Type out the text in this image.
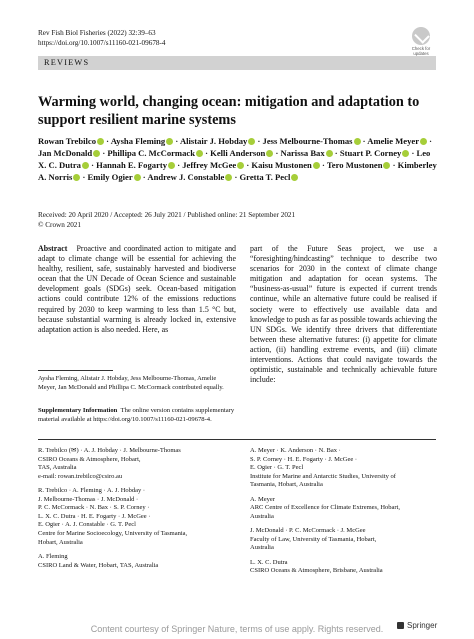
Rev Fish Biol Fisheries (2022) 32:39–63
https://doi.org/10.1007/s11160-021-09678-4
Check for
updates
REVIEWS
Warming world, changing ocean: mitigation and adaptation to support resilient marine systems
Rowan Trebilco · Aysha Fleming · Alistair J. Hobday · Jess Melbourne-Thomas · Amelie Meyer · Jan McDonald · Phillipa C. McCormack · Kelli Anderson · Narissa Bax · Stuart P. Corney · Leo X. C. Dutra · Hannah E. Fogarty · Jeffrey McGee · Kaisu Mustonen · Tero Mustonen · Kimberley A. Norris · Emily Ogier · Andrew J. Constable · Gretta T. Pecl
Received: 20 April 2020 / Accepted: 26 July 2021 / Published online: 21 September 2021
© Crown 2021
Abstract Proactive and coordinated action to mitigate and adapt to climate change will be essential for achieving the healthy, resilient, safe, sustainably harvested and biodiverse ocean that the UN Decade of Ocean Science and sustainable development goals (SDGs) seek. Ocean-based mitigation actions could contribute 12% of the emissions reductions required by 2030 to keep warming to less than 1.5 °C but, because substantial warming is already locked in, extensive adaptation action is also needed. Here, as
part of the Future Seas project, we use a “foresighting/hindcasting” technique to describe two scenarios for 2030 in the context of climate change mitigation and adaptation for ocean systems. The “business-as-usual” future is expected if current trends continue, while an alternative future could be realised if society were to effectively use available data and knowledge to push as far as possible towards achieving the UN SDGs. We identify three drivers that differentiate between these alternative futures: (i) appetite for climate action, (ii) handling extreme events, and (iii) climate interventions. Actions that could navigate towards the optimistic, sustainable and technically achievable future include:
Aysha Fleming, Alistair J. Hobday, Jess Melbourne-Thomas, Amelie Meyer, Jan McDonald and Phillipa C. McCormack contributed equally.
Supplementary Information The online version contains supplementary material available at https://doi.org/10.1007/s11160-021-09678-4.

R. Trebilco (✉) · A. J. Hobday · J. Melbourne-Thomas
CSIRO Oceans & Atmosphere, Hobart,
TAS, Australia
e-mail: rowan.trebilco@csiro.au

R. Trebilco · A. Fleming · A. J. Hobday ·
J. Melbourne-Thomas · J. McDonald ·
P. C. McCormack · N. Bax · S. P. Corney ·
L. X. C. Dutra · H. E. Fogarty · J. McGee ·
E. Ogier · A. J. Constable · G. T. Pecl
Centre for Marine Socioecology, University of Tasmania,
Hobart, Australia

A. Fleming
CSIRO Land & Water, Hobart, TAS, Australia

A. Meyer · K. Anderson · N. Bax ·
S. P. Corney · H. E. Fogarty · J. McGee ·
E. Ogier · G. T. Pecl
Institute for Marine and Antarctic Studies, University of
Tasmania, Hobart, Australia

A. Meyer
ARC Centre of Excellence for Climate Extremes, Hobart,
Australia

J. McDonald · P. C. McCormack · J. McGee
Faculty of Law, University of Tasmania, Hobart,
Australia

L. X. C. Dutra
CSIRO Oceans & Atmosphere, Brisbane, Australia

Content courtesy of Springer Nature, terms of use apply. Rights reserved.	Springer
